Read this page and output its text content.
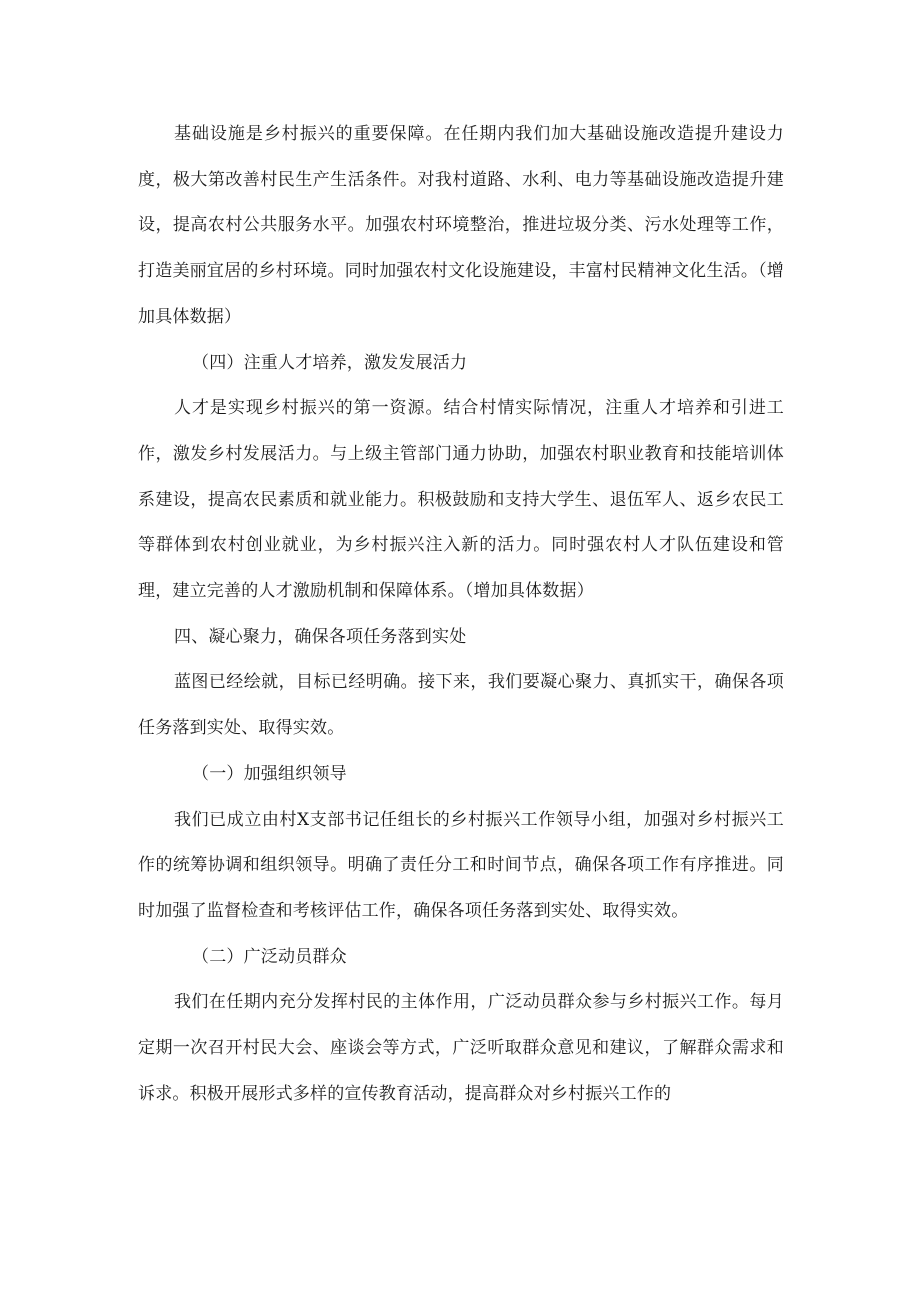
基础设施是乡村振兴的重要保障。在任期内我们加大基础设施改造提升建设力度，极大第改善村民生产生活条件。对我村道路、水利、电力等基础设施改造提升建设，提高农村公共服务水平。加强农村环境整治，推进垃圾分类、污水处理等工作，打造美丽宜居的乡村环境。同时加强农村文化设施建设，丰富村民精神文化生活。（增加具体数据）

（四）注重人才培养，激发发展活力

人才是实现乡村振兴的第一资源。结合村情实际情况，注重人才培养和引进工作，激发乡村发展活力。与上级主管部门通力协助，加强农村职业教育和技能培训体系建设，提高农民素质和就业能力。积极鼓励和支持大学生、退伍军人、返乡农民工等群体到农村创业就业，为乡村振兴注入新的活力。同时强农村人才队伍建设和管理，建立完善的人才激励机制和保障体系。（增加具体数据）

四、凝心聚力，确保各项任务落到实处

蓝图已经绘就，目标已经明确。接下来，我们要凝心聚力、真抓实干，确保各项任务落到实处、取得实效。

（一）加强组织领导

我们已成立由村X支部书记任组长的乡村振兴工作领导小组，加强对乡村振兴工作的统筹协调和组织领导。明确了责任分工和时间节点，确保各项工作有序推进。同时加强了监督检查和考核评估工作，确保各项任务落到实处、取得实效。

（二）广泛动员群众

我们在任期内充分发挥村民的主体作用，广泛动员群众参与乡村振兴工作。每月定期一次召开村民大会、座谈会等方式，广泛听取群众意见和建议，了解群众需求和诉求。积极开展形式多样的宣传教育活动，提高群众对乡村振兴工作的
